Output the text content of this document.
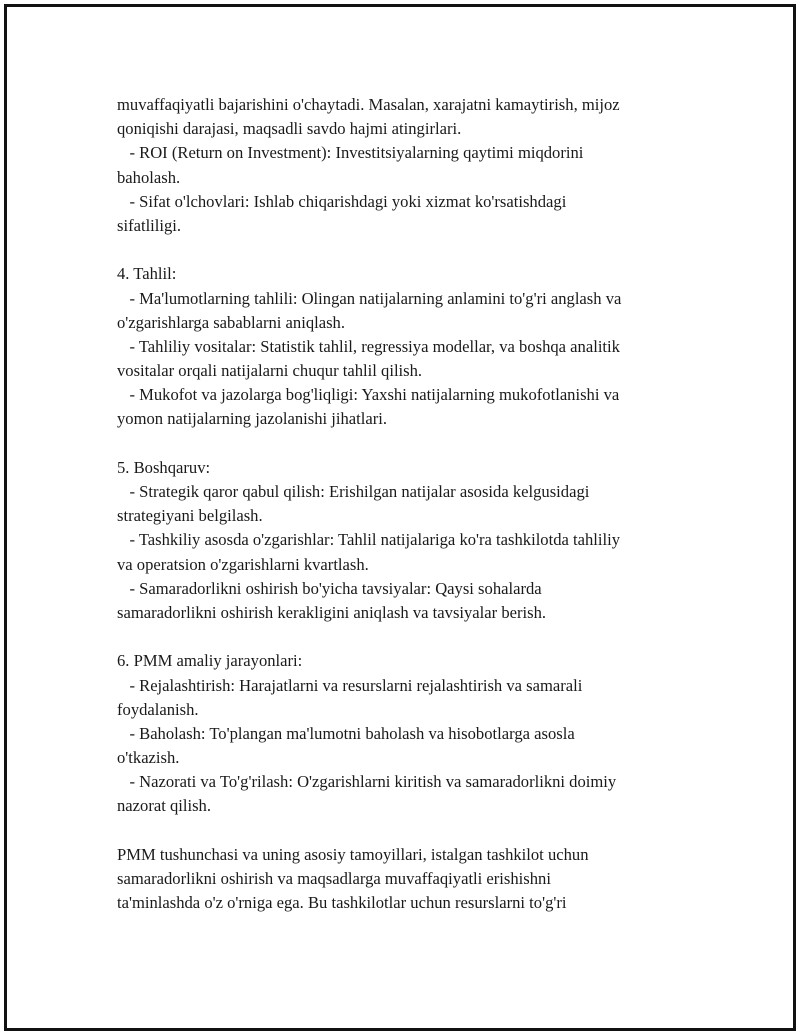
muvaffaqiyatli bajarishini o'chaytadi. Masalan, xarajatni kamaytirish, mijoz
qoniqishi darajasi, maqsadli savdo hajmi atingirlari.
- ROI (Return on Investment): Investitsiyalarning qaytimi miqdorini
baholash.
- Sifat o'lchovlari: Ishlab chiqarishdagi yoki xizmat ko'rsatishdagi
sifatliligi.
4. Tahlil:
- Ma'lumotlarning tahlili: Olingan natijalarning anlamini to'g'ri anglash va
o'zgarishlarga sabablarni aniqlash.
- Tahliliy vositalar: Statistik tahlil, regressiya modellar, va boshqa analitik
vositalar orqali natijalarni chuqur tahlil qilish.
- Mukofot va jazolarga bog'liqligi: Yaxshi natijalarning mukofotlanishi va
yomon natijalarning jazolanishi jihatlari.
5. Boshqaruv:
- Strategik qaror qabul qilish: Erishilgan natijalar asosida kelgusidagi
strategiyani belgilash.
- Tashkiliy asosda o'zgarishlar: Tahlil natijalariga ko'ra tashkilotda tahliliy
va operatsion o'zgarishlarni kvartlash.
- Samaradorlikni oshirish bo'yicha tavsiyalar: Qaysi sohalarda
samaradorlikni oshirish kerakligini aniqlash va tavsiyalar berish.
6. PMM amaliy jarayonlari:
- Rejalashtirish: Harajatlarni va resurslarni rejalashtirish va samarali
foydalanish.
- Baholash: To'plangan ma'lumotni baholash va hisobotlarga asosla
o'tkazish.
- Nazorati va To'g'rilash: O'zgarishlarni kiritish va samaradorlikni doimiy
nazorat qilish.
PMM tushunchasi va uning asosiy tamoyillari, istalgan tashkilot uchun
samaradorlikni oshirish va maqsadlarga muvaffaqiyatli erishishni
ta'minlashda o'z o'rniga ega. Bu tashkilotlar uchun resurslarni to'g'ri
